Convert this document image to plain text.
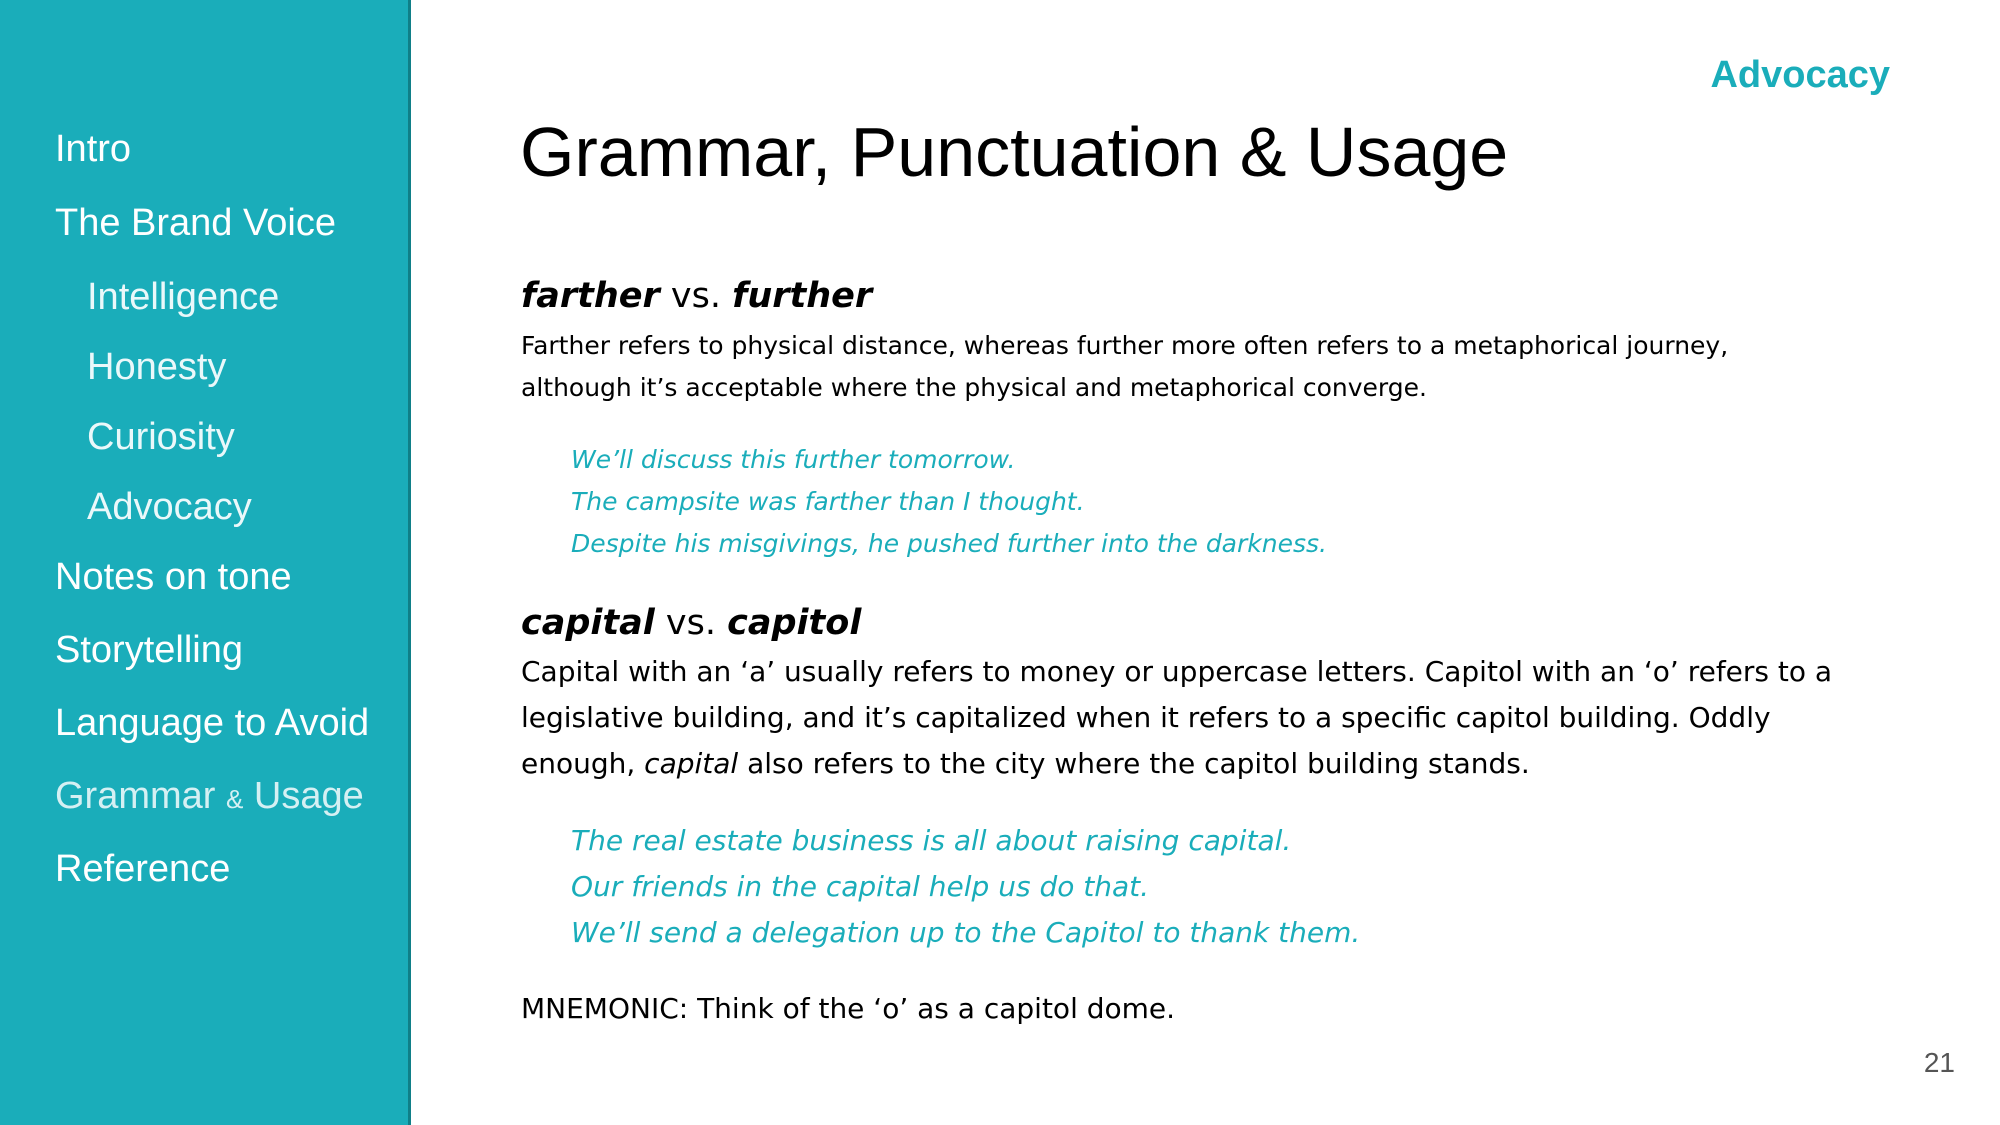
Intro
The Brand Voice
Intelligence
Honesty
Curiosity
Advocacy
Notes on tone
Storytelling
Language to Avoid
Grammar & Usage
Reference
Advocacy
Grammar, Punctuation & Usage
farther vs. further
Farther refers to physical distance, whereas further more often refers to a metaphorical journey,
although it’s acceptable where the physical and metaphorical converge.
We’ll discuss this further tomorrow.
The campsite was farther than I thought.
Despite his misgivings, he pushed further into the darkness.
capital vs. capitol
Capital with an ‘a’ usually refers to money or uppercase letters. Capitol with an ‘o’ refers to a
legislative building, and it’s capitalized when it refers to a specific capitol building. Oddly
enough, capital also refers to the city where the capitol building stands.
The real estate business is all about raising capital.
Our friends in the capital help us do that.
We’ll send a delegation up to the Capitol to thank them.
MNEMONIC: Think of the ‘o’ as a capitol dome.
21
